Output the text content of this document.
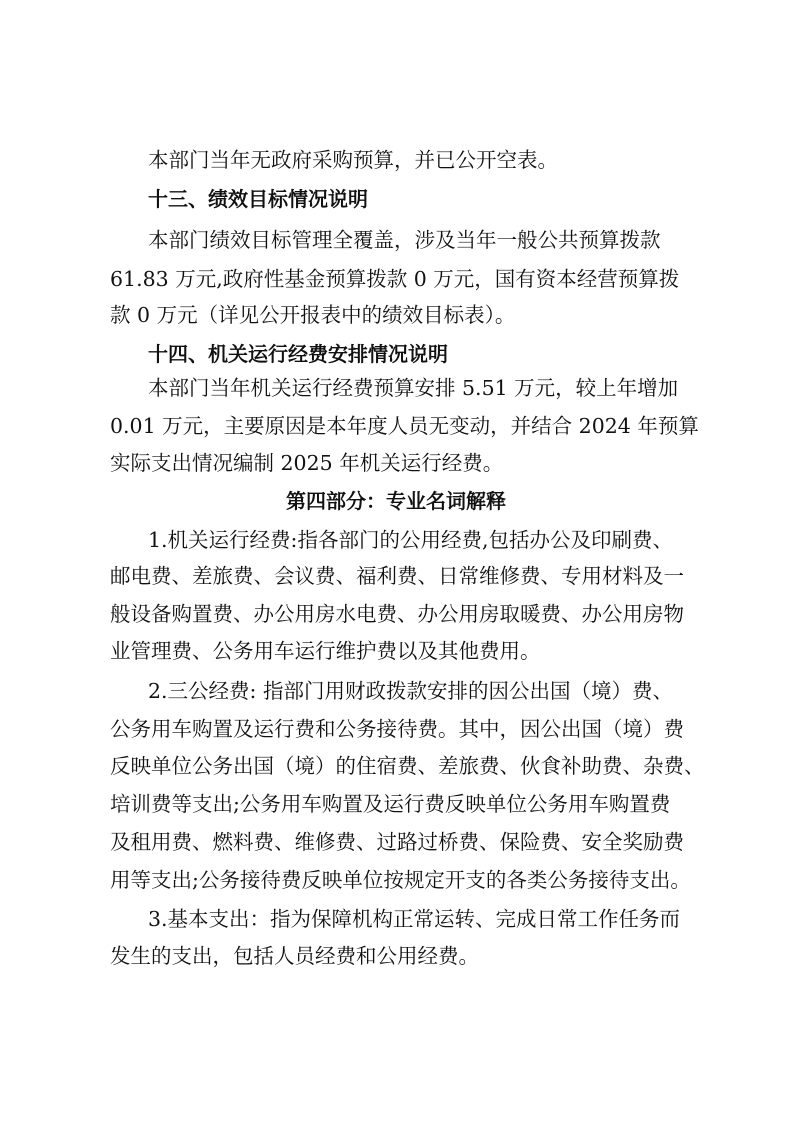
本部门当年无政府采购预算，并已公开空表。
十三、绩效目标情况说明
本部门绩效目标管理全覆盖，涉及当年一般公共预算拨款
61.83 万元,政府性基金预算拨款 0 万元，国有资本经营预算拨
款 0 万元（详见公开报表中的绩效目标表）。
十四、机关运行经费安排情况说明
本部门当年机关运行经费预算安排 5.51 万元，较上年增加
0.01 万元，主要原因是本年度人员无变动，并结合 2024 年预算
实际支出情况编制 2025 年机关运行经费。
第四部分：专业名词解释
1.机关运行经费:指各部门的公用经费,包括办公及印刷费、
邮电费、差旅费、会议费、福利费、日常维修费、专用材料及一
般设备购置费、办公用房水电费、办公用房取暖费、办公用房物
业管理费、公务用车运行维护费以及其他费用。
2.三公经费: 指部门用财政拨款安排的因公出国（境）费、
公务用车购置及运行费和公务接待费。其中，因公出国（境）费
反映单位公务出国（境）的住宿费、差旅费、伙食补助费、杂费、
培训费等支出;公务用车购置及运行费反映单位公务用车购置费
及租用费、燃料费、维修费、过路过桥费、保险费、安全奖励费
用等支出;公务接待费反映单位按规定开支的各类公务接待支出。
3.基本支出：指为保障机构正常运转、完成日常工作任务而
发生的支出，包括人员经费和公用经费。
